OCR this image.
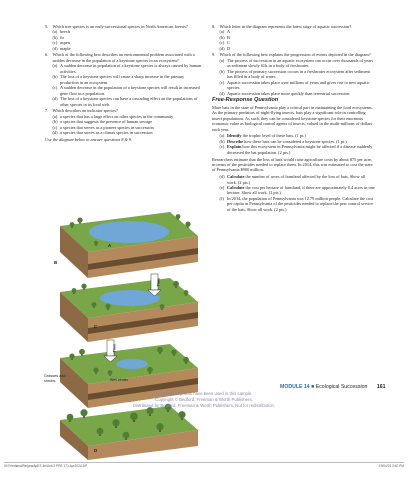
5. Which tree species is an early-successional species in North American forests?
(a) beech
(b) fir
(c) aspen
(d) maple
6. Which of the following best describes an environmental problem associated with a sudden decrease in the population of a keystone species in an ecosystem?
(a) A sudden decrease in population of a keystone species is always caused by human activities.
(b) The loss of a keystone species will cause a sharp increase in the primary production in an ecosystem.
(c) A sudden decrease in the population of a keystone species will result in increased gene flow in a population.
(d) The loss of a keystone species can have a cascading effect on the populations of other species in its food web.
7. Which describes an indicator species?
(a) a species that has a large effect on other species in the community
(b) a species that suggests the presence of human sewage
(c) a species that serves as a pioneer species in succession
(d) a species that serves as a climax species in succession
Use the diagram below to answer questions 8 & 9.
Time
Time
A
B
C
Grasses and shrubs	Wet center
D
8. Which letter in the diagram represents the latest stage of aquatic succession?
(a) A
(b) B
(c) C
(d) D
9. Which of the following best explains the progression of events depicted in the diagram?
(a) The process of succession in an aquatic ecosystem can occur over thousands of years as sediment slowly fills in a body of freshwater.
(b) The process of primary succession occurs in a freshwater ecosystem after sediment has filled in a body of water.
(c) Aquatic succession takes place over millions of years and gives rise to new aquatic species.
(d) Aquatic succession takes place more quickly than terrestrial succession.
Free-Response Question
More bats in the state of Pennsylvania play a critical part in maintaining the food ecosystems. As the primary predators of night-flying insects, bats play a significant role in controlling insect populations. As such, they can be considered keystone species for their enormous economic value as biological control agents of insects, valued in the multi-millions of dollars each year.
(a) Identify the trophic level of these bats. (1 pt.)
(b) Describe how these bats can be considered a keystone species. (1 pt.)
(c) Explain how this ecosystem in Pennsylvania might be affected if a disease suddenly decreased the bat population. (2 pts.)
Researchers estimate that the loss of bats would raise agriculture costs by about $75 per acre, in terms of the pesticides needed to replace them. In 2014, this was estimated to cost the state of Pennsylvania $900 million.
(d) Calculate the number of acres of farmland affected by the loss of bats. Show all work. (2 pts.)
(e) Calculate the cost per hectare of farmland, if there are approximately 0.4 acres in one hectare. Show all work. (2 pts.)
(f) In 2014, the population of Pennsylvania was 12.79 million people. Calculate the cost per capita in Pennsylvania of the pesticides needed to replace the pest control service of the bats. Show all work. (2 pts.)
MODULE 14 ■ Ecological Succession 161
Uncorrected proofs have been used in this sample.
Copyright © Bedford, Freeman & Worth Publishers.
Distributed by Bedford, Freeman & Worth Publishers. Not for redistribution.
00 Friedland/Relyea/ApES 4e/Unit 3 PRE 171 Apr2024 3/P	19/04/23 3:40 PM
